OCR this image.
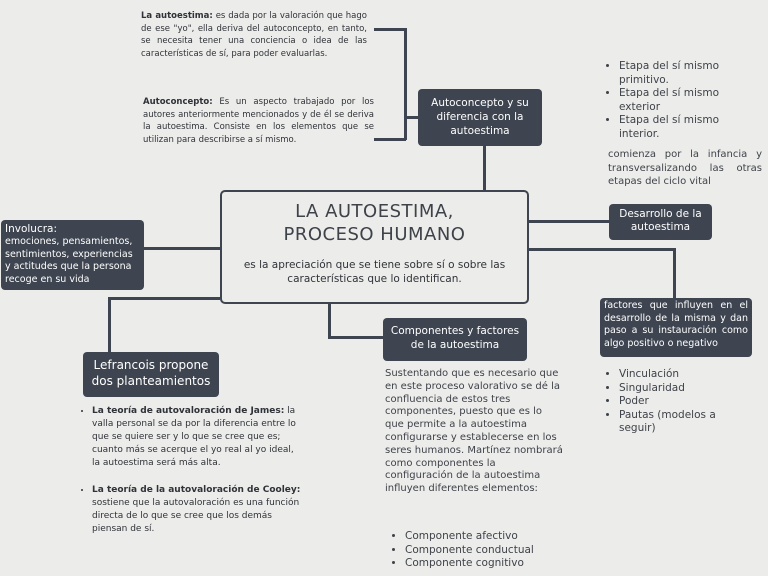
LA AUTOESTIMA,
PROCESO HUMANO
es la apreciación que se tiene sobre sí o sobre las características que lo identifican.
Autoconcepto y su diferencia con la autoestima
La autoestima: es dada por la valoración que hago de ese "yo", ella deriva del autoconcepto, en tanto, se necesita tener una conciencia o idea de las características de sí, para poder evaluarlas.
Autoconcepto: Es un aspecto trabajado por los autores anteriormente mencionados y de él se deriva la autoestima. Consiste en los elementos que se utilizan para describirse a sí mismo.
• Etapa del sí mismo primitivo.
• Etapa del sí mismo exterior
• Etapa del sí mismo interior.
comienza por la infancia y transversalizando las otras etapas del ciclo vital
Desarrollo de la autoestima
factores que influyen en el desarrollo de la misma y dan paso a su instauración como algo positivo o negativo
• Vinculación
• Singularidad
• Poder
• Pautas (modelos a seguir)
Componentes y factores de la autoestima
Sustentando que es necesario que en este proceso valorativo se dé la confluencia de estos tres componentes, puesto que es lo que permite a la autoestima configurarse y establecerse en los seres humanos. Martínez nombrará como componentes la configuración de la autoestima influyen diferentes elementos:
• Componente afectivo
• Componente conductual
• Componente cognitivo
Involucra:
emociones, pensamientos, sentimientos, experiencias y actitudes que la persona recoge en su vida
Lefrancois propone dos planteamientos
• La teoría de autovaloración de James: la valla personal se da por la diferencia entre lo que se quiere ser y lo que se cree que es; cuanto más se acerque el yo real al yo ideal, la autoestima será más alta.
• La teoría de la autovaloración de Cooley: sostiene que la autovaloración es una función directa de lo que se cree que los demás piensan de sí.
